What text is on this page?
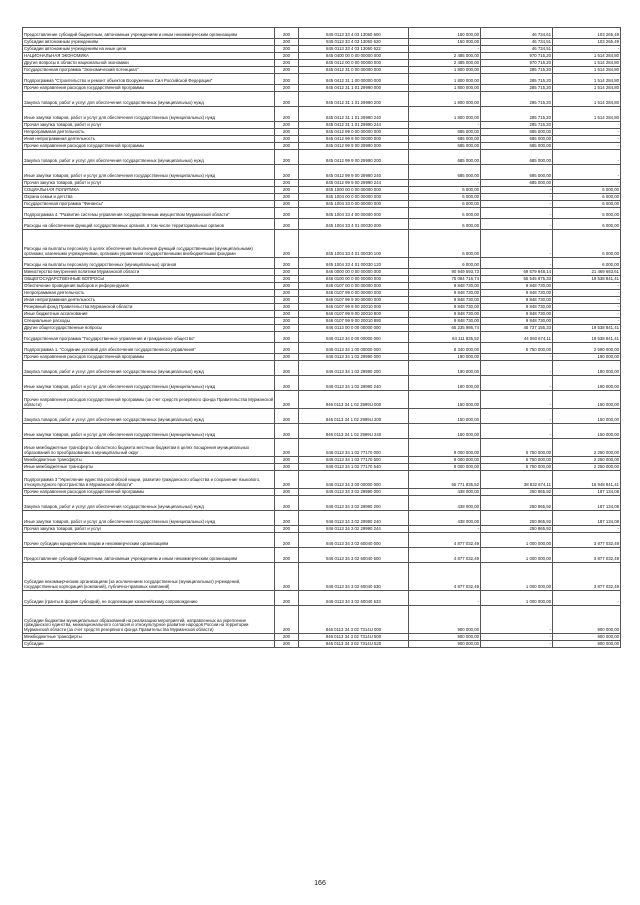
Предоставление субсидий бюджетным, автономным учреждениям и иным некоммерческим организациям	200	845 0113 33 4 03 13060 600	150 000,00	46 734,61	103 265,49
Субсидии автономным учреждениям	200	845 0113 33 4 03 13060 620	150 000,00	46 734,51	103 265,49
Субсидии автономным учреждениям на иные цели	200	845 0113 33 4 03 13060 622	-	46 734,51	-
НАЦИОНАЛЬНАЯ ЭКОНОМИКА	200	845 0400 00 0 00 00000 000	2 485 000,00	970 715,20	1 514 284,80
Другие вопросы в области национальной экономики	200	845 0412 00 0 00 00000 000	2 485 000,00	970 715,20	1 514 284,80
Государственная программа "Экономический потенциал"	200	845 0412 31 0 00 00000 000	1 800 000,00	285 715,20	1 514 284,80
Подпрограмма "Строительство и ремонт объектов Вооруженных Сил Российской Федерации"	200	845 0412 31 1 00 00000 000	1 800 000,00	285 715,20	1 514 284,80
Прочие направления расходов государственной программы	200	845 0412 31 1 01 29990 000	1 800 000,00	285 715,20	1 514 284,80
Закупка товаров, работ и услуг для обеспечения государственных (муниципальных) нужд	200	845 0412 31 1 01 29990 200	1 800 000,00	285 715,20	1 514 284,80
Иные закупки товаров, работ и услуг для обеспечения государственных (муниципальных) нужд	200	845 0412 31 1 01 29990 240	1 800 000,00	285 715,20	1 514 284,80
Прочая закупка товаров, работ и услуг	200	845 0412 31 1 01 29990 244	-	285 715,20	-
Непрограммная деятельность	200	845 0412 99 0 00 00000 000	685 000,00	685 000,00	-
Иная непрограммная деятельность	200	845 0412 99 9 00 00000 000	685 000,00	685 000,00	-
Прочие направления расходов государственной программы	200	845 0412 99 9 00 29990 000	685 000,00	685 000,00	-
Закупка товаров, работ и услуг для обеспечения государственных (муниципальных) нужд	200	845 0412 99 9 00 29990 200	685 000,00	685 000,00	-
Иные закупки товаров, работ и услуг для обеспечения государственных (муниципальных) нужд	200	845 0412 99 9 00 29990 240	685 000,00	685 000,00	-
Прочая закупка товаров, работ и услуг	200	845 0412 99 9 00 29990 244	-	685 000,00	-
СОЦИАЛЬНАЯ ПОЛИТИКА	200	845 1000 00 0 00 00000 000	6 000,00	-	6 000,00
Охрана семьи и детства	200	845 1004 00 0 00 00000 000	6 000,00	-	6 000,00
Государственная программа "Финансы"	200	845 1004 33 0 00 00000 000	6 000,00	-	6 000,00
Подпрограмма 4. "Развитие системы управления государственным имуществом Мурманской области"	200	845 1004 33 4 00 00000 000	6 000,00	-	6 000,00
Расходы на обеспечение функций государственных органов, в том числе территориальных органов	200	845 1004 33 4 01 00030 000	6 000,00	-	6 000,00
Расходы на выплаты персоналу в целях обеспечения выполнения функций государственными (муниципальными) органами, казенными учреждениями, органами управления государственными внебюджетными фондами	200	845 1004 33 4 01 00030 100	6 000,00	-	6 000,00
Расходы на выплаты персоналу государственных (муниципальных) органов	200	845 1004 33 4 01 00030 120	6 000,00	-	6 000,00
Министерство внутренней политики Мурманской области	200	846 0000 00 0 00 00000 000	90 949 593,73	69 579 948,14	21 469 683,61
ОБЩЕГОСУДАРСТВЕННЫЕ ВОПРОСЫ	200	846 0100 00 0 00 00000 000	75 084 716,74	55 545 875,33	19 538 841,41
Обеспечение проведения выборов и референдумов	200	846 0107 00 0 00 00000 000	9 848 730,00	9 848 730,00	-
Непрограммная деятельность	200	846 0107 99 0 00 00000 000	9 848 730,00	9 848 730,00	-
Иная непрограммная деятельность	200	846 0107 99 9 00 00000 000	9 848 730,00	9 848 730,00	-
Резервный фонд Правительства Мурманской области	200	846 0107 99 9 00 20010 000	9 848 730,00	9 848 730,00	-
Иные бюджетные ассигнования	200	846 0107 99 9 00 20010 800	9 848 730,00	9 848 730,00	-
Специальные расходы	200	846 0107 99 9 00 20010 880	9 848 730,00	9 848 730,00	-
Другие общегосударственные вопросы	200	846 0113 00 0 00 00000 000	65 235 986,74	45 737 155,33	19 538 841,41
Государственная программа "Государственное управление и гражданское общество"	200	846 0113 34 0 00 00000 000	64 111 835,52	44 060 674,11	19 538 841,41
Подпрограмма 1. "Создание условий для обеспечения государственного управления"	200	846 0113 34 1 00 00000 000	8 340 000,00	5 750 000,00	2 590 000,00
Прочие направления расходов государственной программы	200	846 0113 34 1 02 29990 000	190 000,00	-	190 000,00
Закупка товаров, работ и услуг для обеспечения государственных (муниципальных) нужд	200	846 0113 34 1 02 29990 200	190 000,00	-	190 000,00
Иные закупки товаров, работ и услуг для обеспечения государственных (муниципальных) нужд	200	846 0113 34 1 02 29990 240	190 000,00	-	190 000,00
Прочие направления расходов государственной программы (за счет средств резервного фонда Правительства Мурманской области)	200	846 0113 34 1 02 2999U 000	150 000,00	-	150 000,00
Закупка товаров, работ и услуг для обеспечения государственных (муниципальных) нужд	200	846 0113 34 1 02 2999U 200	150 000,00	-	150 000,00
Иные закупки товаров, работ и услуг для обеспечения государственных (муниципальных) нужд	200	846 0113 34 1 02 2999U 240	150 000,00	-	150 000,00
Иные межбюджетные трансферты областного бюджета местным бюджетам в целях поощрения муниципальных образований по преобразованию в муниципальный округ	200	846 0113 34 1 02 77170 000	8 000 000,00	5 750 000,00	2 250 000,00
Межбюджетные трансферты	200	846 0113 34 1 02 77170 500	8 000 000,00	5 750 000,00	2 250 000,00
Иные межбюджетные трансферты	200	846 0113 34 1 02 77170 540	8 000 000,00	5 750 000,00	2 250 000,00
Подпрограмма 3 "Укрепление единства российской нации, развитие гражданского общества и сохранение языкового, этнокультурного пространства в Мурманской области"	200	846 0113 34 3 00 00000 000	55 771 835,52	38 832 674,11	16 948 841,41
Прочие направления расходов государственной программы	200	846 0113 34 3 02 29990 000	438 000,00	250 865,92	187 134,08
Закупка товаров, работ и услуг для обеспечения государственных (муниципальных) нужд	200	846 0113 34 3 02 29990 200	438 000,00	250 865,92	187 134,08
Иные закупки товаров, работ и услуг для обеспечения государственных (муниципальных) нужд	200	846 0113 34 3 02 29990 240	438 000,00	250 865,92	187 134,08
Прочая закупка товаров, работ и услуг	200	846 0113 34 3 02 29990 244	-	250 865,92	-
Прочие субсидии юридическим лицам и некоммерческим организациям	200	846 0113 34 3 02 60040 000	4 877 032,49	1 000 000,00	3 877 032,49
Предоставление субсидий бюджетным, автономным учреждениям и иным некоммерческим организациям	200	846 0113 34 3 02 60040 600	4 877 032,49	1 000 000,00	3 877 032,49
Субсидии некоммерческим организациям (за исключением государственных (муниципальных) учреждений, государственных корпораций (компаний), публично-правовых компаний)	200	846 0113 34 3 02 60040 630	4 877 032,49	1 000 000,00	3 877 032,49
Субсидии (гранты в форме субсидий), не подлежащие казначейскому сопровождению	200	846 0113 34 3 02 60040 633	-	1 000 000,00	-
Субсидии бюджетам муниципальных образований на реализацию мероприятий, направленных на укрепление гражданского единства, межнационального согласия и этнокультурное развитие народов России на территории Мурманской области (за счет средств резервного фонда Правительства Мурманской области)	200	846 0113 34 3 02 7314U 000	900 000,00	-	900 000,00
Межбюджетные трансферты	200	846 0113 34 3 02 7314U 500	900 000,00	-	900 000,00
Субсидии	200	846 0113 34 3 02 7314U 520	900 000,00	-	900 000,00
166
